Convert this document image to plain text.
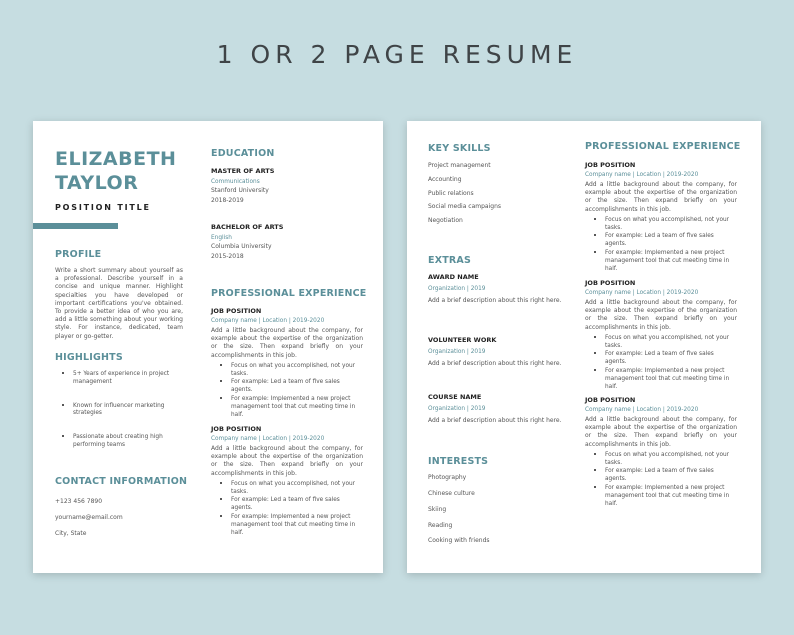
1 OR 2 PAGE RESUME
ELIZABETH
TAYLOR
POSITION TITLE
PROFILE
Write a short summary about yourself as a professional. Describe yourself in a concise and unique manner. Highlight specialties you have developed or important certifications you've obtained. To provide a better idea of who you are, add a little something about your working style. For instance, dedicated, team player or go-getter.
HIGHLIGHTS
• 5+ Years of experience in project management
• Known for influencer marketing strategies
• Passionate about creating high performing teams
CONTACT INFORMATION
+123 456 7890
yourname@email.com
City, State
EDUCATION
MASTER OF ARTS
Communications
Stanford University
2018-2019
BACHELOR OF ARTS
English
Columbia University
2015-2018
PROFESSIONAL EXPERIENCE
JOB POSITION
Company name | Location | 2019-2020
Add a little background about the company, for example about the expertise of the organization or the size. Then expand briefly on your accomplishments in this job.
• Focus on what you accomplished, not your tasks.
• For example: Led a team of five sales agents.
• For example: Implemented a new project management tool that cut meeting time in half.
JOB POSITION
Company name | Location | 2019-2020
Add a little background about the company, for example about the expertise of the organization or the size. Then expand briefly on your accomplishments in this job.
• Focus on what you accomplished, not your tasks.
• For example: Led a team of five sales agents.
• For example: Implemented a new project management tool that cut meeting time in half.
KEY SKILLS
Project management
Accounting
Public relations
Social media campaigns
Negotiation
EXTRAS
AWARD NAME
Organization | 2019
Add a brief description about this right here.
VOLUNTEER WORK
Organization | 2019
Add a brief description about this right here.
COURSE NAME
Organization | 2019
Add a brief description about this right here.
INTERESTS
Photography
Chinese culture
Skiing
Reading
Cooking with friends
PROFESSIONAL EXPERIENCE
JOB POSITION
Company name | Location | 2019-2020
Add a little background about the company, for example about the expertise of the organization or the size. Then expand briefly on your accomplishments in this job.
• Focus on what you accomplished, not your tasks.
• For example: Led a team of five sales agents.
• For example: Implemented a new project management tool that cut meeting time in half.
JOB POSITION
Company name | Location | 2019-2020
Add a little background about the company, for example about the expertise of the organization or the size. Then expand briefly on your accomplishments in this job.
• Focus on what you accomplished, not your tasks.
• For example: Led a team of five sales agents.
• For example: Implemented a new project management tool that cut meeting time in half.
JOB POSITION
Company name | Location | 2019-2020
Add a little background about the company, for example about the expertise of the organization or the size. Then expand briefly on your accomplishments in this job.
• Focus on what you accomplished, not your tasks.
• For example: Led a team of five sales agents.
• For example: Implemented a new project management tool that cut meeting time in half.
